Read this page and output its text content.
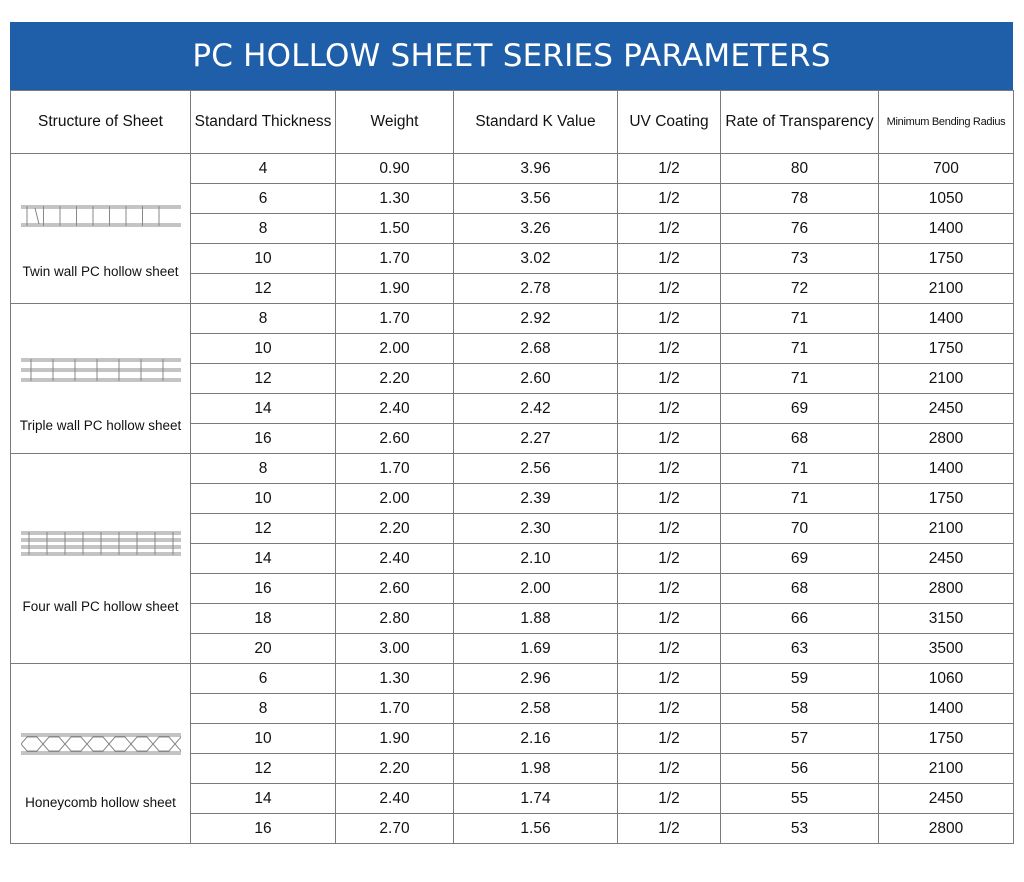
PC HOLLOW SHEET SERIES PARAMETERS
Structure of Sheet	Standard Thickness	Weight	Standard K Value	UV Coating	Rate of Transparency	Minimum Bending Radius

Twin wall PC hollow sheet	4	0.90	3.96	1/2	80	700
	6	1.30	3.56	1/2	78	1050
	8	1.50	3.26	1/2	76	1400
	10	1.70	3.02	1/2	73	1750
	12	1.90	2.78	1/2	72	2100

Triple wall PC hollow sheet	8	1.70	2.92	1/2	71	1400
	10	2.00	2.68	1/2	71	1750
	12	2.20	2.60	1/2	71	2100
	14	2.40	2.42	1/2	69	2450
	16	2.60	2.27	1/2	68	2800

Four wall PC hollow sheet	8	1.70	2.56	1/2	71	1400
	10	2.00	2.39	1/2	71	1750
	12	2.20	2.30	1/2	70	2100
	14	2.40	2.10	1/2	69	2450
	16	2.60	2.00	1/2	68	2800
	18	2.80	1.88	1/2	66	3150
	20	3.00	1.69	1/2	63	3500

Honeycomb hollow sheet	6	1.30	2.96	1/2	59	1060
	8	1.70	2.58	1/2	58	1400
	10	1.90	2.16	1/2	57	1750
	12	2.20	1.98	1/2	56	2100
	14	2.40	1.74	1/2	55	2450
	16	2.70	1.56	1/2	53	2800
